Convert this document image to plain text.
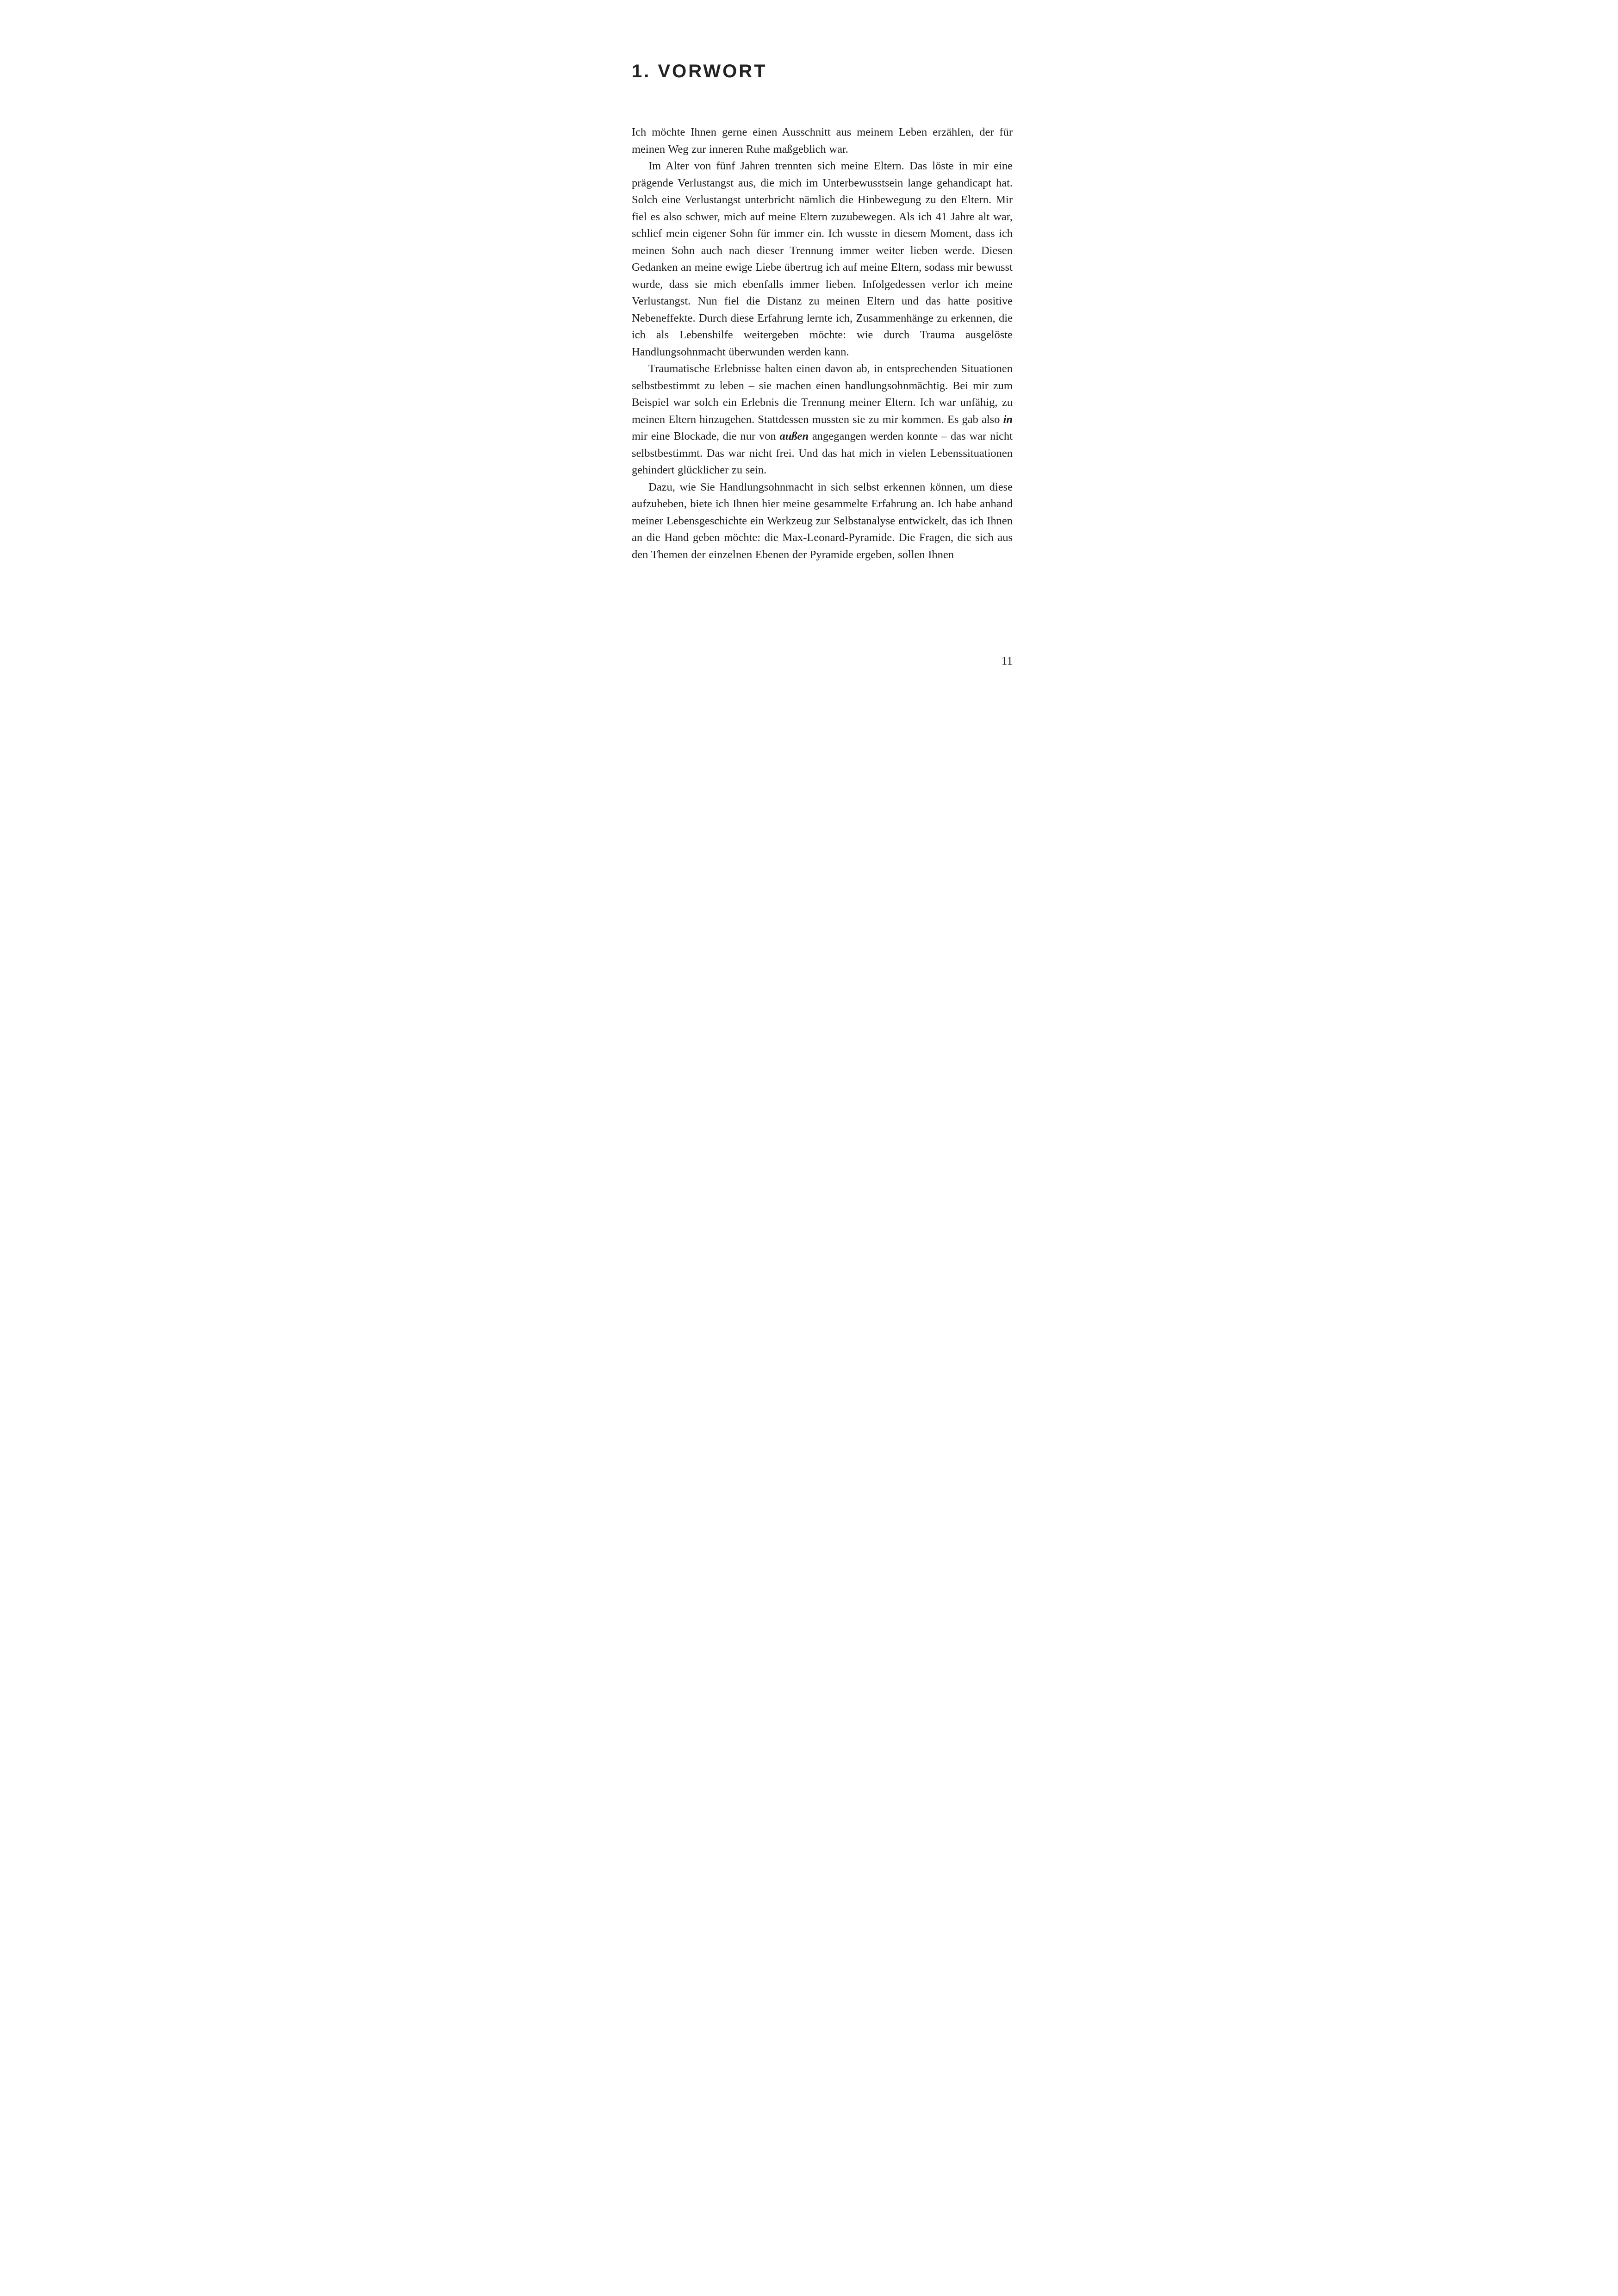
1. VORWORT

Ich möchte Ihnen gerne einen Ausschnitt aus meinem Leben erzählen, der für meinen Weg zur inneren Ruhe maßgeblich war.

Im Alter von fünf Jahren trennten sich meine Eltern. Das löste in mir eine prägende Verlustangst aus, die mich im Unterbewusstsein lange gehandicapt hat. Solch eine Verlustangst unterbricht nämlich die Hinbewegung zu den Eltern. Mir fiel es also schwer, mich auf meine Eltern zuzubewegen. Als ich 41 Jahre alt war, schlief mein eigener Sohn für immer ein. Ich wusste in diesem Moment, dass ich meinen Sohn auch nach dieser Trennung immer weiter lieben werde. Diesen Gedanken an meine ewige Liebe übertrug ich auf meine Eltern, sodass mir bewusst wurde, dass sie mich ebenfalls immer lieben. Infolgedessen verlor ich meine Verlustangst. Nun fiel die Distanz zu meinen Eltern und das hatte positive Nebeneffekte. Durch diese Erfahrung lernte ich, Zusammenhänge zu erkennen, die ich als Lebenshilfe weitergeben möchte: wie durch Trauma ausgelöste Handlungsohnmacht überwunden werden kann.

Traumatische Erlebnisse halten einen davon ab, in entsprechenden Situationen selbstbestimmt zu leben – sie machen einen handlungsohnmächtig. Bei mir zum Beispiel war solch ein Erlebnis die Trennung meiner Eltern. Ich war unfähig, zu meinen Eltern hinzugehen. Stattdessen mussten sie zu mir kommen. Es gab also in mir eine Blockade, die nur von außen angegangen werden konnte – das war nicht selbstbestimmt. Das war nicht frei. Und das hat mich in vielen Lebenssituationen gehindert glücklicher zu sein.

Dazu, wie Sie Handlungsohnmacht in sich selbst erkennen können, um diese aufzuheben, biete ich Ihnen hier meine gesammelte Erfahrung an. Ich habe anhand meiner Lebensgeschichte ein Werkzeug zur Selbstanalyse entwickelt, das ich Ihnen an die Hand geben möchte: die Max-Leonard-Pyramide. Die Fragen, die sich aus den Themen der einzelnen Ebenen der Pyramide ergeben, sollen Ihnen

11
